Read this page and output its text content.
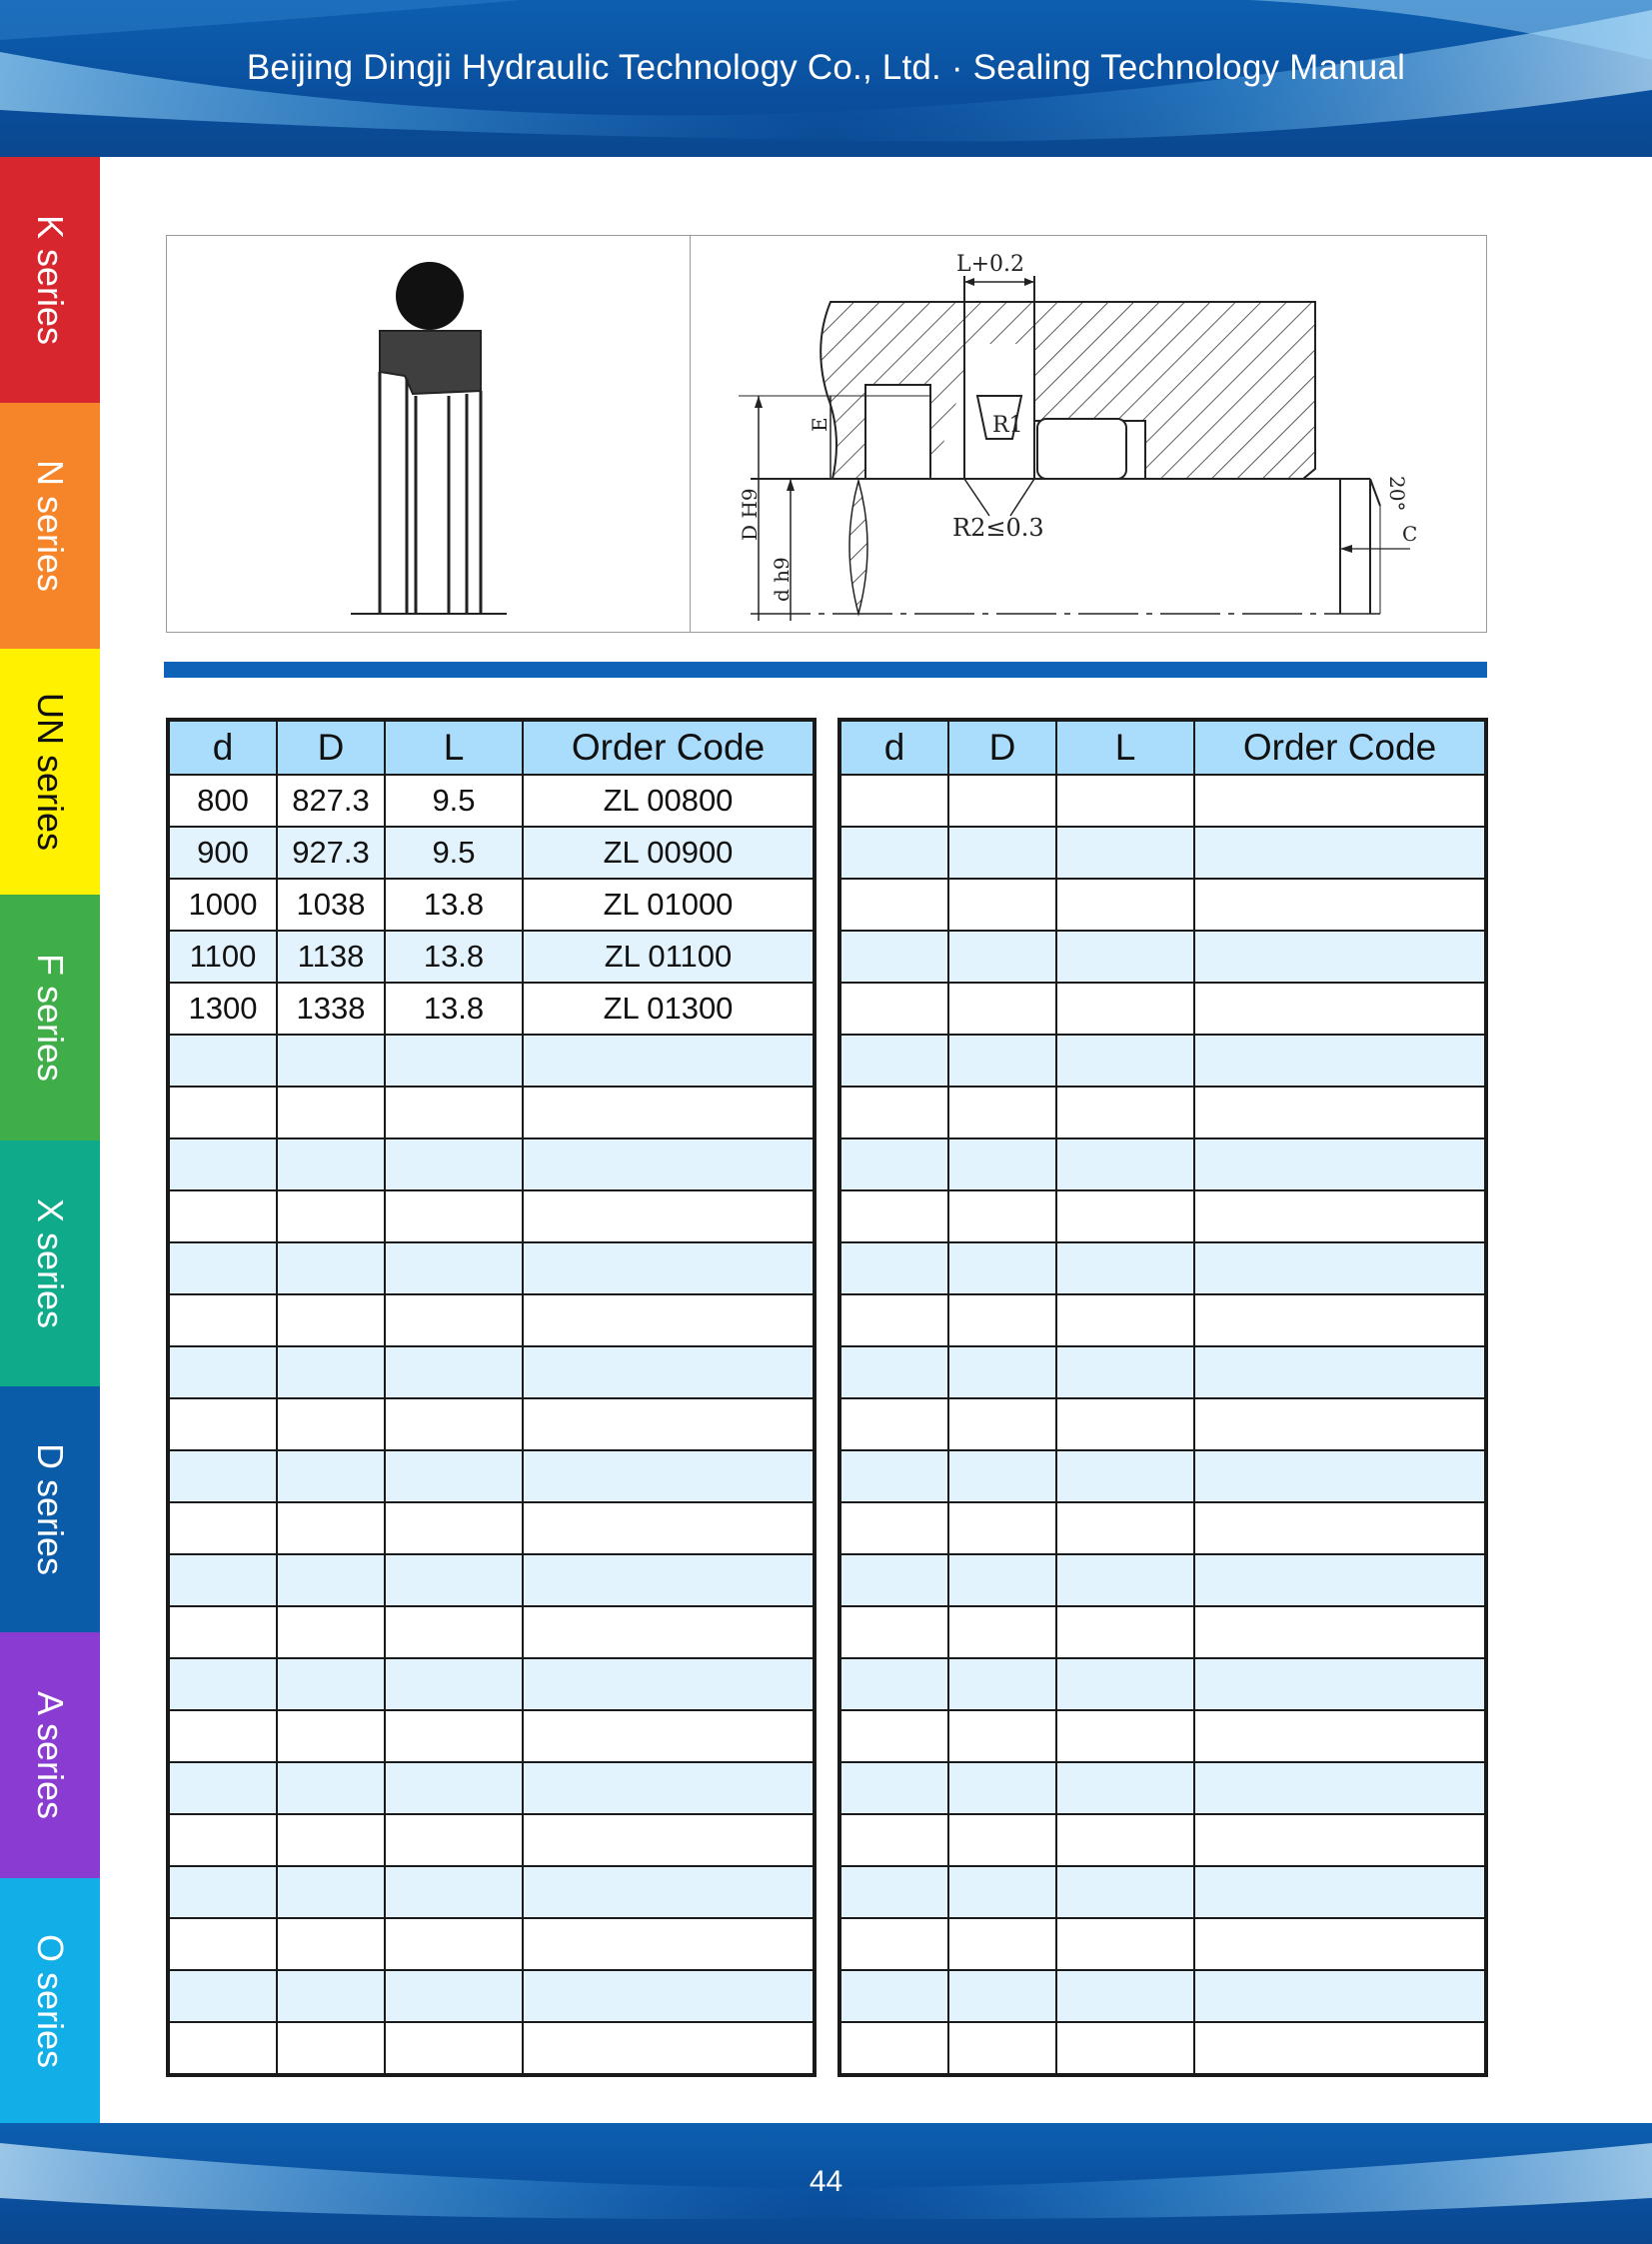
Beijing Dingji Hydraulic Technology Co., Ltd. · Sealing Technology Manual
K series
N series
UN series
F series
X series
D series
A series
O series
L+0.2
R1
R2≤0.3
D H9
d h9
E
20°
C
d	D	L	Order Code
800	827.3	9.5	ZL 00800
900	927.3	9.5	ZL 00900
1000	1038	13.8	ZL 01000
1100	1138	13.8	ZL 01100
1300	1338	13.8	ZL 01300

d	D	L	Order Code

44
